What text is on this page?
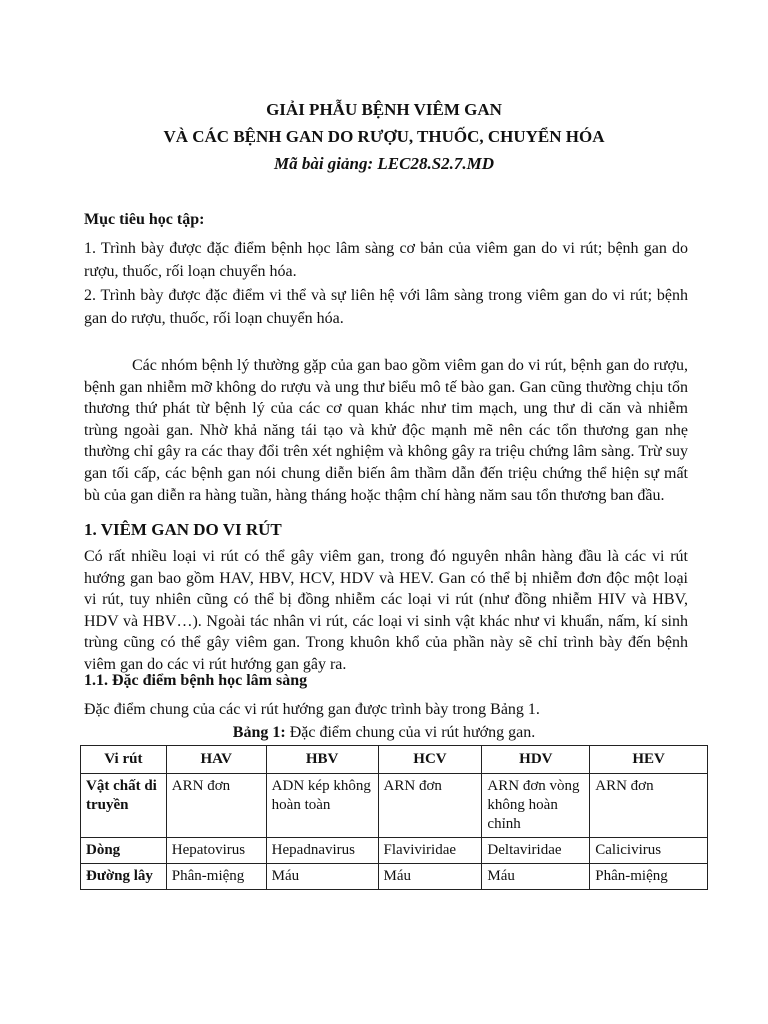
GIẢI PHẪU BỆNH VIÊM GAN
VÀ CÁC BỆNH GAN DO RƯỢU, THUỐC, CHUYỂN HÓA
Mã bài giảng: LEC28.S2.7.MD
Mục tiêu học tập:
1. Trình bày được đặc điểm bệnh học lâm sàng cơ bản của viêm gan do vi rút; bệnh gan do rượu, thuốc, rối loạn chuyển hóa.
2. Trình bày được đặc điểm vi thể và sự liên hệ với lâm sàng trong viêm gan do vi rút; bệnh gan do rượu, thuốc, rối loạn chuyển hóa.
Các nhóm bệnh lý thường gặp của gan bao gồm viêm gan do vi rút, bệnh gan do rượu, bệnh gan nhiễm mỡ không do rượu và ung thư biểu mô tế bào gan. Gan cũng thường chịu tổn thương thứ phát từ bệnh lý của các cơ quan khác như tim mạch, ung thư di căn và nhiễm trùng ngoài gan. Nhờ khả năng tái tạo và khử độc mạnh mẽ nên các tổn thương gan nhẹ thường chỉ gây ra các thay đổi trên xét nghiệm và không gây ra triệu chứng lâm sàng. Trừ suy gan tối cấp, các bệnh gan nói chung diễn biến âm thầm dẫn đến triệu chứng thể hiện sự mất bù của gan diễn ra hàng tuần, hàng tháng hoặc thậm chí hàng năm sau tổn thương ban đầu.
1. VIÊM GAN DO VI RÚT
Có rất nhiều loại vi rút có thể gây viêm gan, trong đó nguyên nhân hàng đầu là các vi rút hướng gan bao gồm HAV, HBV, HCV, HDV và HEV. Gan có thể bị nhiễm đơn độc một loại vi rút, tuy nhiên cũng có thể bị đồng nhiễm các loại vi rút (như đồng nhiễm HIV và HBV, HDV và HBV…). Ngoài tác nhân vi rút, các loại vi sinh vật khác như vi khuẩn, nấm, kí sinh trùng cũng có thể gây viêm gan. Trong khuôn khổ của phần này sẽ chỉ trình bày đến bệnh viêm gan do các vi rút hướng gan gây ra.
1.1. Đặc điểm bệnh học lâm sàng
Đặc điểm chung của các vi rút hướng gan được trình bày trong Bảng 1.
Bảng 1: Đặc điểm chung của vi rút hướng gan.
Vi rút	HAV	HBV	HCV	HDV	HEV
Vật chất di truyền	ARN đơn	ADN kép không hoàn toàn	ARN đơn	ARN đơn vòng không hoàn chỉnh	ARN đơn
Dòng	Hepatovirus	Hepadnavirus	Flaviviridae	Deltaviridae	Calicivirus
Đường lây	Phân-miệng	Máu	Máu	Máu	Phân-miệng
